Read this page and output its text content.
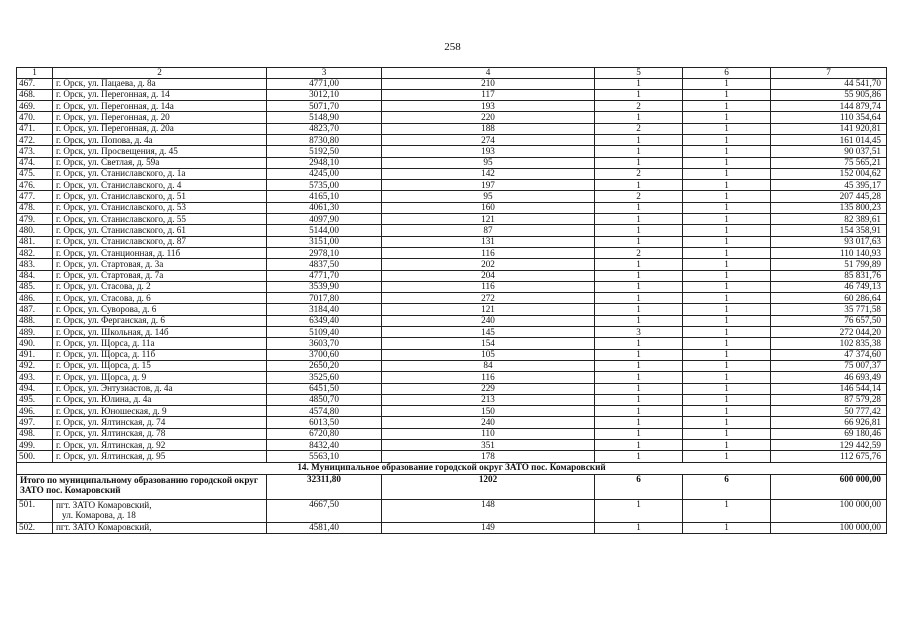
258
1	2	3	4	5	6	7
467.	г. Орск, ул. Пацаева, д. 8а	4771,00	210	1	1	44 541,70
468.	г. Орск, ул. Перегонная, д. 14	3012,10	117	1	1	55 905,86
469.	г. Орск, ул. Перегонная, д. 14а	5071,70	193	2	1	144 879,74
470.	г. Орск, ул. Перегонная, д. 20	5148,90	220	1	1	110 354,64
471.	г. Орск, ул. Перегонная, д. 20а	4823,70	188	2	1	141 920,81
472.	г. Орск, ул. Попова, д. 4а	8730,80	274	1	1	161 014,45
473.	г. Орск, ул. Просвещения, д. 45	5192,50	193	1	1	90 037,51
474.	г. Орск, ул. Светлая, д. 59а	2948,10	95	1	1	75 565,21
475.	г. Орск, ул. Станиславского, д. 1а	4245,00	142	2	1	152 004,62
476.	г. Орск, ул. Станиславского, д. 4	5735,00	197	1	1	45 395,17
477.	г. Орск, ул. Станиславского, д. 51	4165,10	95	2	1	207 445,28
478.	г. Орск, ул. Станиславского, д. 53	4061,30	160	1	1	135 800,23
479.	г. Орск, ул. Станиславского, д. 55	4097,90	121	1	1	82 389,61
480.	г. Орск, ул. Станиславского, д. 61	5144,00	87	1	1	154 358,91
481.	г. Орск, ул. Станиславского, д. 87	3151,00	131	1	1	93 017,63
482.	г. Орск, ул. Станционная, д. 11б	2978,10	116	2	1	110 140,93
483.	г. Орск, ул. Стартовая, д. 3а	4837,50	202	1	1	51 799,89
484.	г. Орск, ул. Стартовая, д. 7а	4771,70	204	1	1	85 831,76
485.	г. Орск, ул. Стасова, д. 2	3539,90	116	1	1	46 749,13
486.	г. Орск, ул. Стасова, д. 6	7017,80	272	1	1	60 286,64
487.	г. Орск, ул. Суворова, д. 6	3184,40	121	1	1	35 771,58
488.	г. Орск, ул. Ферганская, д. 6	6349,40	240	1	1	76 657,50
489.	г. Орск, ул. Школьная, д. 14б	5109,40	145	3	1	272 044,20
490.	г. Орск, ул. Щорса, д. 11а	3603,70	154	1	1	102 835,38
491.	г. Орск, ул. Щорса, д. 11б	3700,60	105	1	1	47 374,60
492.	г. Орск, ул. Щорса, д. 15	2650,20	84	1	1	75 007,37
493.	г. Орск, ул. Щорса, д. 9	3525,60	116	1	1	46 693,49
494.	г. Орск, ул. Энтузиастов, д. 4а	6451,50	229	1	1	146 544,14
495.	г. Орск, ул. Юлина, д. 4а	4850,70	213	1	1	87 579,28
496.	г. Орск, ул. Юношеская, д. 9	4574,80	150	1	1	50 777,42
497.	г. Орск, ул. Ялтинская, д. 74	6013,50	240	1	1	66 926,81
498.	г. Орск, ул. Ялтинская, д. 78	6720,80	110	1	1	69 180,46
499.	г. Орск, ул. Ялтинская, д. 92	8432,40	351	1	1	129 442,59
500.	г. Орск, ул. Ялтинская, д. 95	5563,10	178	1	1	112 675,76
14. Муниципальное образование городской округ ЗАТО пос. Комаровский						
Итого по муниципальному образованию городской округ ЗАТО пос. Комаровский		32311,80	1202	6	6	600 000,00
501.	пгт. ЗАТО Комаровский,
ул. Комарова, д. 18	4667,50	148	1	1	100 000,00
502.	пгт. ЗАТО Комаровский,	4581,40	149	1	1	100 000,00
